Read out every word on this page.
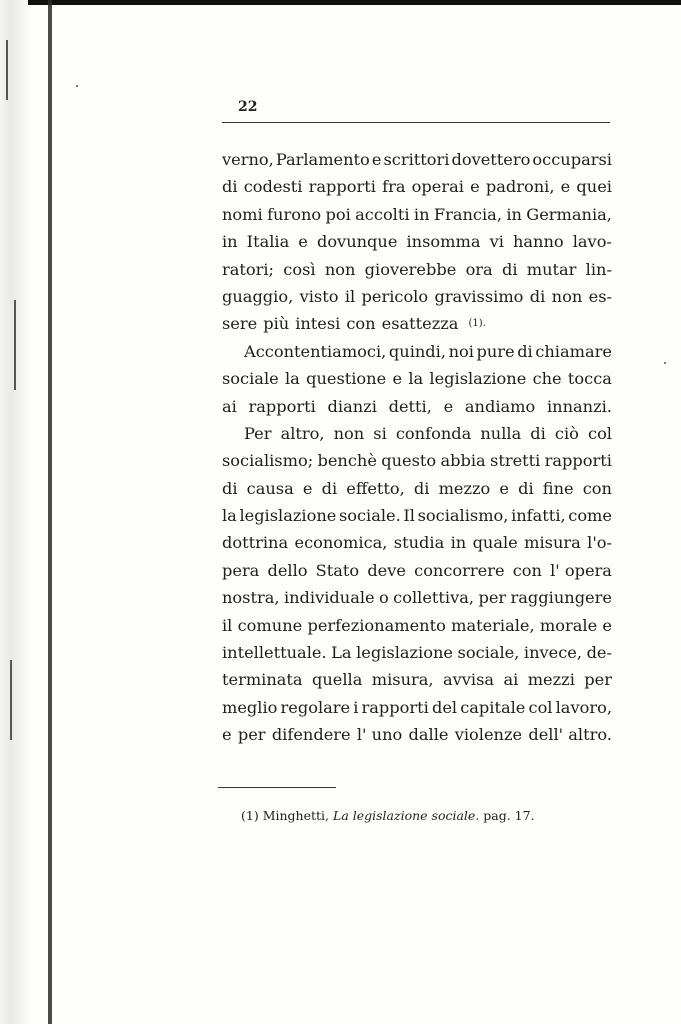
22

verno, Parlamento e scrittori dovettero occuparsi
di codesti rapporti fra operai e padroni, e quei
nomi furono poi accolti in Francia, in Germania,
in Italia e dovunque insomma vi hanno lavo-
ratori; così non gioverebbe ora di mutar lin-
guaggio, visto il pericolo gravissimo di non es-
sere più intesi con esattezza (1).
Accontentiamoci, quindi, noi pure di chiamare
sociale la questione e la legislazione che tocca
ai rapporti dianzi detti, e andiamo innanzi.
Per altro, non si confonda nulla di ciò col
socialismo; benchè questo abbia stretti rapporti
di causa e di effetto, di mezzo e di fine con
la legislazione sociale. Il socialismo, infatti, come
dottrina economica, studia in quale misura l'o-
pera dello Stato deve concorrere con l' opera
nostra, individuale o collettiva, per raggiungere
il comune perfezionamento materiale, morale e
intellettuale. La legislazione sociale, invece, de-
terminata quella misura, avvisa ai mezzi per
meglio regolare i rapporti del capitale col lavoro,
e per difendere l' uno dalle violenze dell' altro.

(1) Minghetti, La legislazione sociale. pag. 17.
